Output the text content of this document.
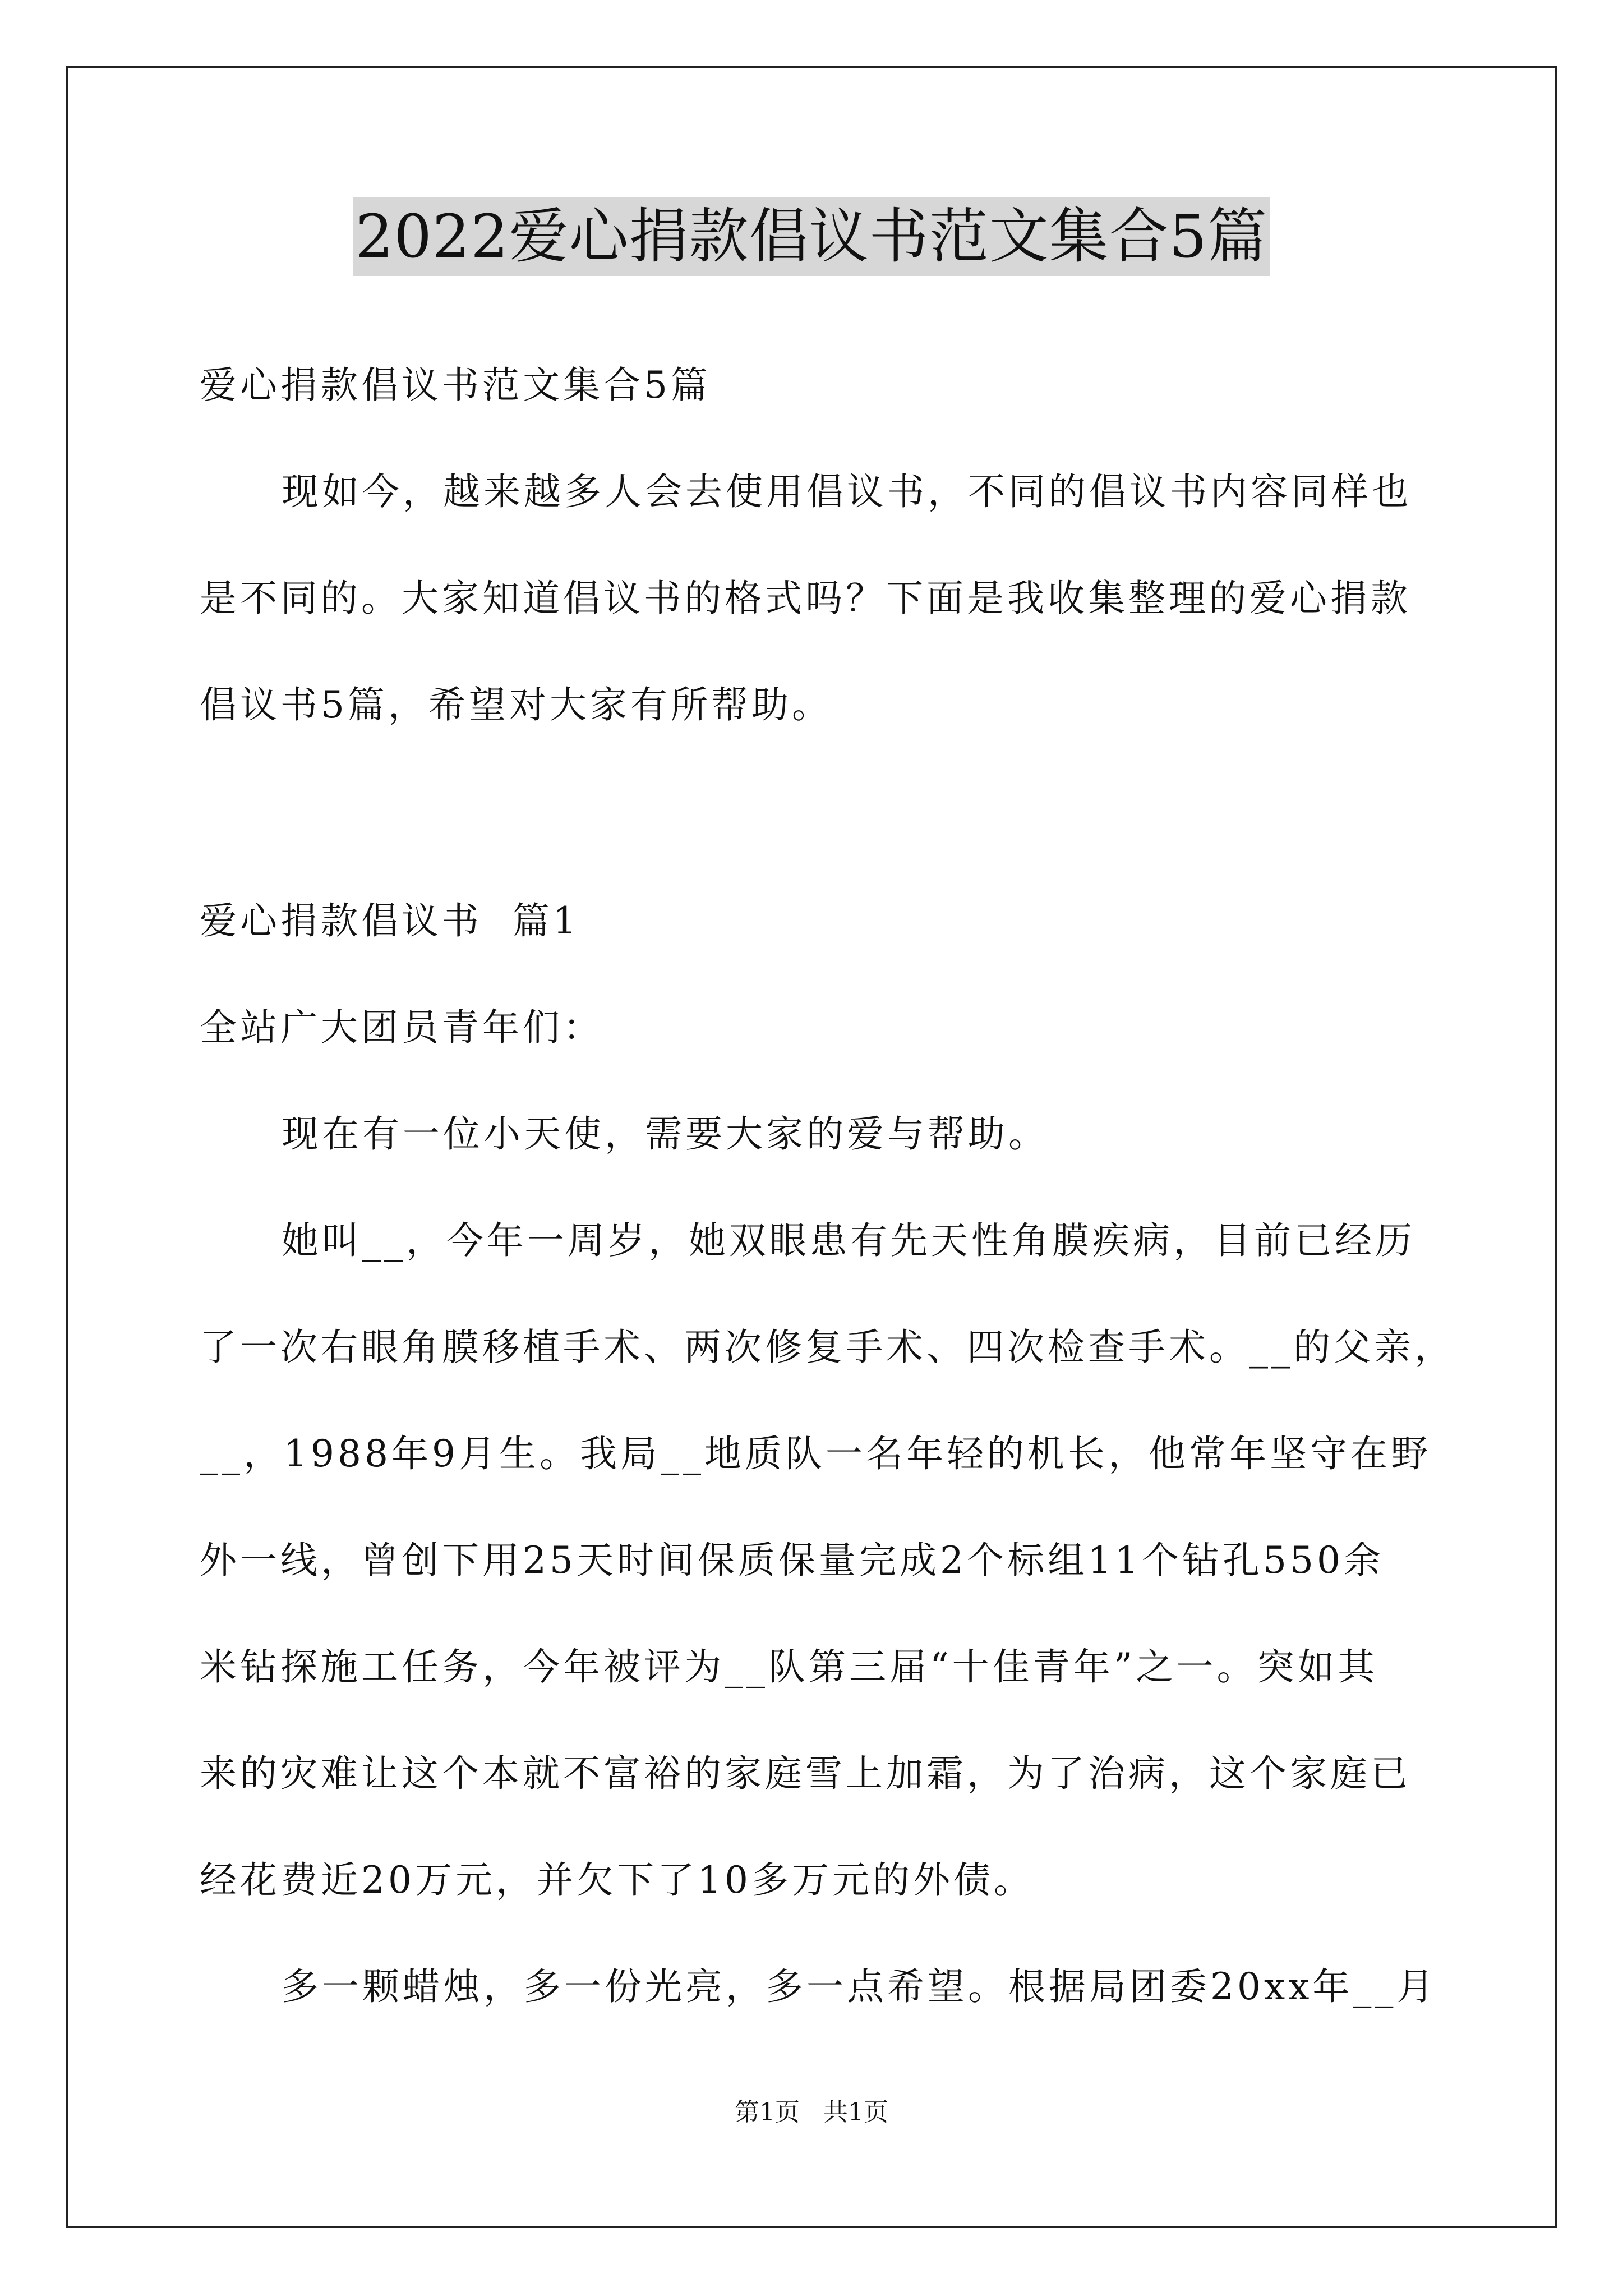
2022爱心捐款倡议书范文集合5篇

爱心捐款倡议书范文集合5篇

现如今，越来越多人会去使用倡议书，不同的倡议书内容同样也
是不同的。大家知道倡议书的格式吗？下面是我收集整理的爱心捐款
倡议书5篇，希望对大家有所帮助。

爱心捐款倡议书  篇1

全站广大团员青年们：

现在有一位小天使，需要大家的爱与帮助。

她叫__，今年一周岁，她双眼患有先天性角膜疾病，目前已经历
了一次右眼角膜移植手术、两次修复手术、四次检查手术。__的父亲，
__，1988年9月生。我局__地质队一名年轻的机长，他常年坚守在野
外一线，曾创下用25天时间保质保量完成2个标组11个钻孔550余
米钻探施工任务，今年被评为__队第三届“十佳青年”之一。突如其
来的灾难让这个本就不富裕的家庭雪上加霜，为了治病，这个家庭已
经花费近20万元，并欠下了10多万元的外债。

多一颗蜡烛，多一份光亮，多一点希望。根据局团委20xx年__月

第1页   共1页
